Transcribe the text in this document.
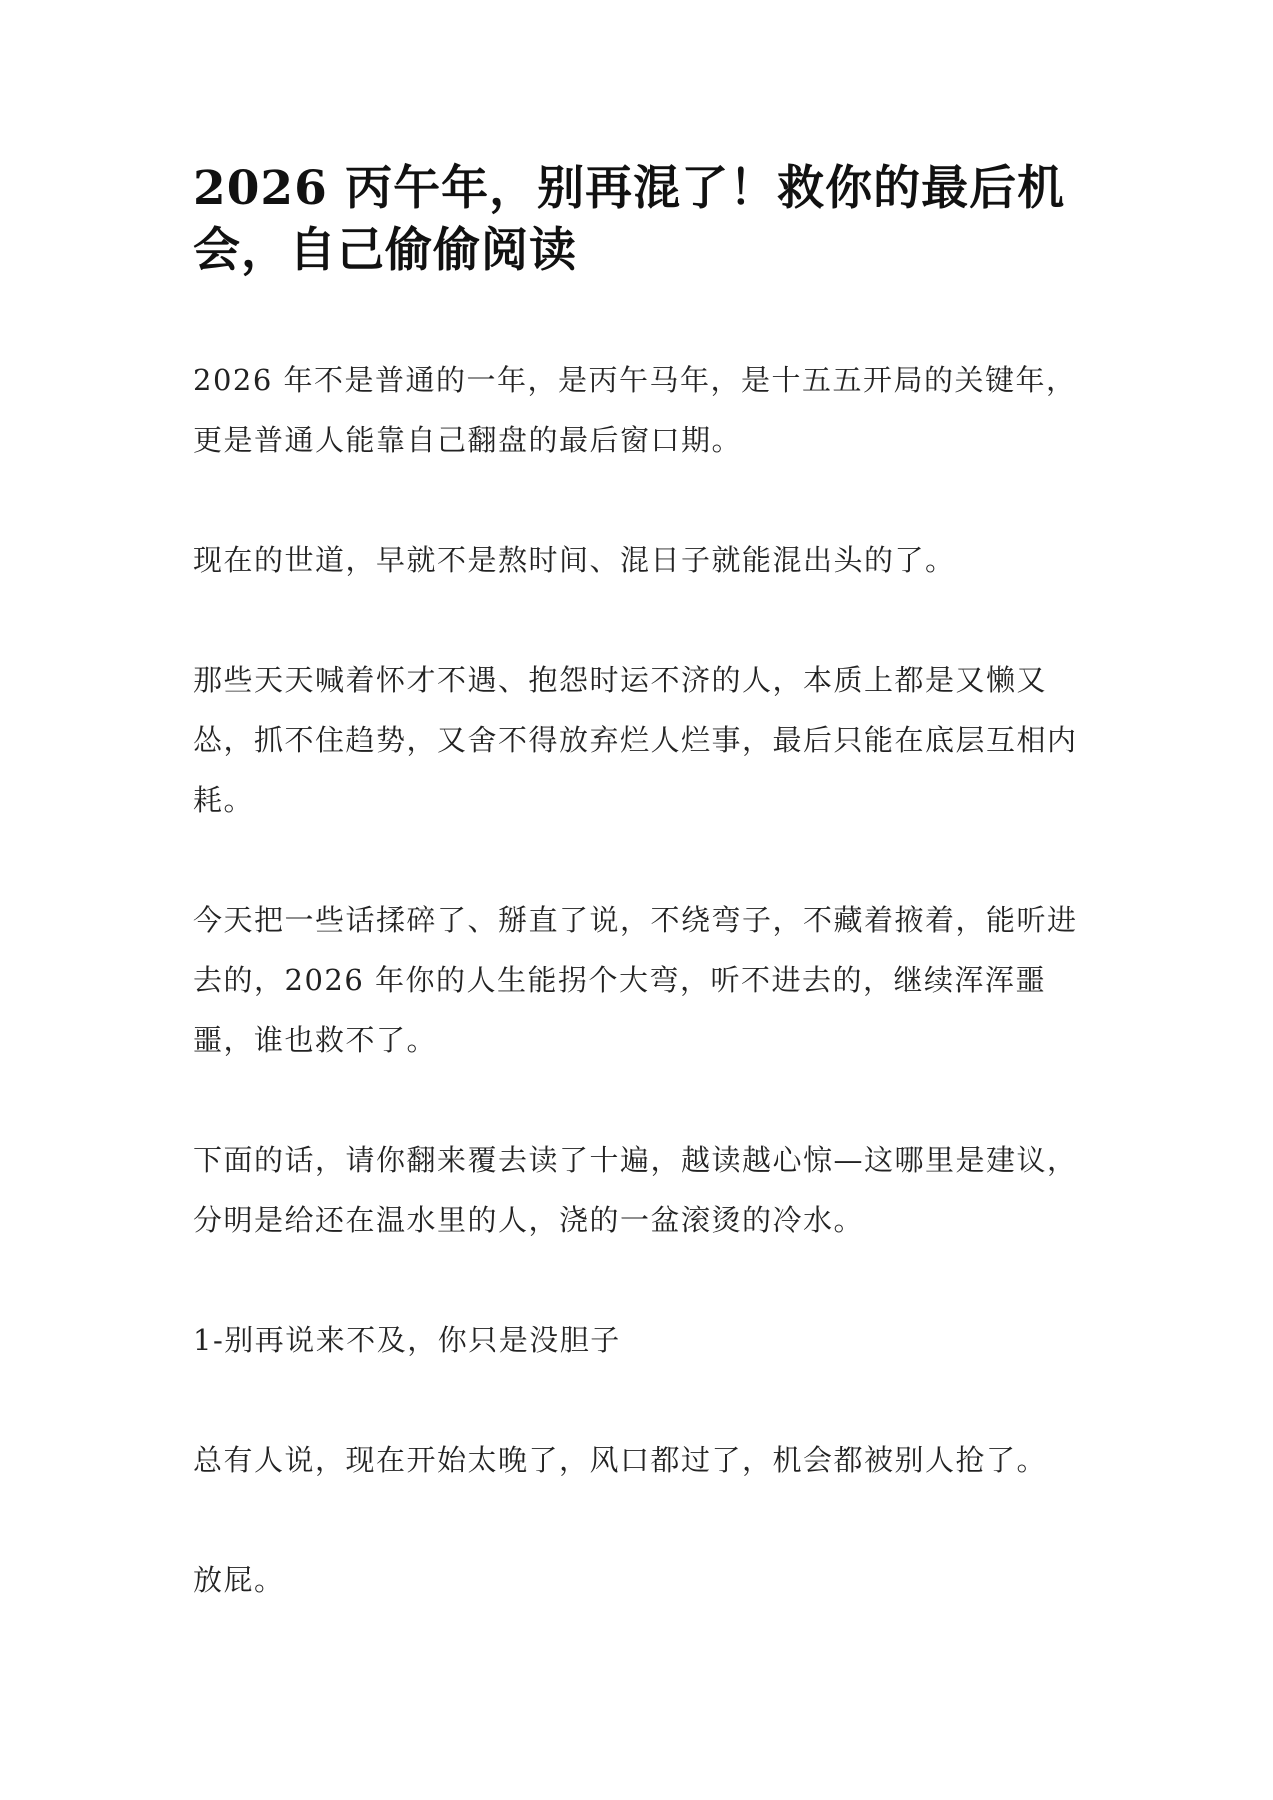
2026 丙午年，别再混了！救你的最后机会，自己偷偷阅读

2026 年不是普通的一年，是丙午马年，是十五五开局的关键年，更是普通人能靠自己翻盘的最后窗口期。

现在的世道，早就不是熬时间、混日子就能混出头的了。

那些天天喊着怀才不遇、抱怨时运不济的人，本质上都是又懒又怂，抓不住趋势，又舍不得放弃烂人烂事，最后只能在底层互相内耗。

今天把一些话揉碎了、掰直了说，不绕弯子，不藏着掖着，能听进去的，2026 年你的人生能拐个大弯，听不进去的，继续浑浑噩噩，谁也救不了。

下面的话，请你翻来覆去读了十遍，越读越心惊—这哪里是建议，分明是给还在温水里的人，浇的一盆滚烫的冷水。

1-别再说来不及，你只是没胆子

总有人说，现在开始太晚了，风口都过了，机会都被别人抢了。

放屁。
